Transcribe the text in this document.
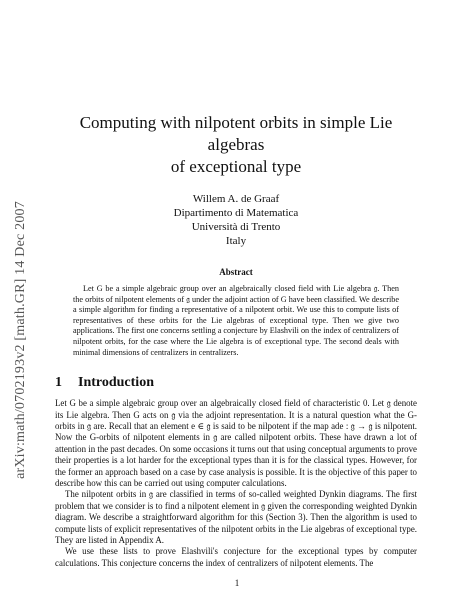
arXiv:math/0702193v2 [math.GR] 14 Dec 2007
Computing with nilpotent orbits in simple Lie algebras
of exceptional type
Willem A. de Graaf
Dipartimento di Matematica
Università di Trento
Italy
Abstract

Let G be a simple algebraic group over an algebraically closed field with Lie algebra 𝔤. Then the orbits of nilpotent elements of 𝔤 under the adjoint action of G have been classified. We describe a simple algorithm for finding a representative of a nilpotent orbit. We use this to compute lists of representatives of these orbits for the Lie algebras of exceptional type. Then we give two applications. The first one concerns settling a conjecture by Elashvili on the index of centralizers of nilpotent orbits, for the case where the Lie algebra is of exceptional type. The second deals with minimal dimensions of centralizers in centralizers.

1 Introduction

Let G be a simple algebraic group over an algebraically closed field of characteristic 0. Let 𝔤 denote its Lie algebra. Then G acts on 𝔤 via the adjoint representation. It is a natural question what the G-orbits in 𝔤 are. Recall that an element e ∈ 𝔤 is said to be nilpotent if the map ade : 𝔤 → 𝔤 is nilpotent. Now the G-orbits of nilpotent elements in 𝔤 are called nilpotent orbits. These have drawn a lot of attention in the past decades. On some occasions it turns out that using conceptual arguments to prove their properties is a lot harder for the exceptional types than it is for the classical types. However, for the former an approach based on a case by case analysis is possible. It is the objective of this paper to describe how this can be carried out using computer calculations.

The nilpotent orbits in 𝔤 are classified in terms of so-called weighted Dynkin diagrams. The first problem that we consider is to find a nilpotent element in 𝔤 given the corresponding weighted Dynkin diagram. We describe a straightforward algorithm for this (Section 3). Then the algorithm is used to compute lists of explicit representatives of the nilpotent orbits in the Lie algebras of exceptional type. They are listed in Appendix A.

We use these lists to prove Elashvili's conjecture for the exceptional types by computer calculations. This conjecture concerns the index of centralizers of nilpotent elements. The

1
